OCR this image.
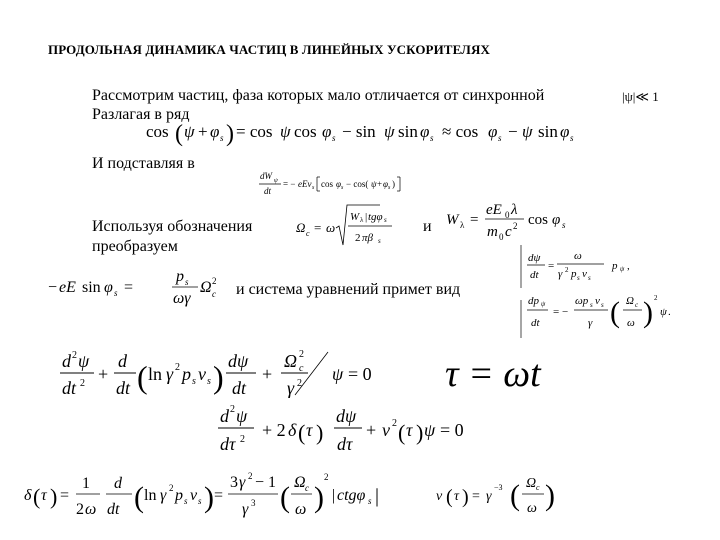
ПРОДОЛЬНАЯ ДИНАМИКА ЧАСТИЦ В ЛИНЕЙНЫХ УСКОРИТЕЛЯХ
Рассмотрим частиц, фаза которых мало отличается от синхронной
Разлагая в ряд
|ψ|≪ 1
И подставляя в
Используя обозначения
преобразуем
и
и система уравнений примет вид
τ = ωt
cos ( ψ + φ s ) = cos ψ cos φ s − sin ψ sin φ s ≈ cos φ s − ψ sin φ s
dW ψ
dt
= − eEv s cos φ s − cos( ψ + φ s )
Ω c = ω
W λ | tgφ s
2 πβ s
W λ =
eE 0 λ
m 0 c 2 cos φ s
− eE sin φ s =
p s
ωγ
Ω 2
c
dψ
dt
=
ω
γ 2 p s v s
p ψ ,
dp ψ
dt
= −
ωp s v s
γ ( Ω c
ω ) 2
ψ .
d 2 ψ
dt 2 +
d
dt ( ln γ 2 p s v s ) dψ
dt
+
Ω 2
c
γ 2 ψ = 0
d 2 ψ
dτ 2 + 2 δ ( τ )
dψ
dτ
+ ν 2 ( τ ) ψ = 0
δ ( τ ) =
1
2 ω
d
dt ( ln γ 2 p s v s ) =
3 γ 2 − 1
γ 3 ( Ω c
ω )
2
| ctgφ s |	ν ( τ ) = γ
−3 ( Ω c
ω )
